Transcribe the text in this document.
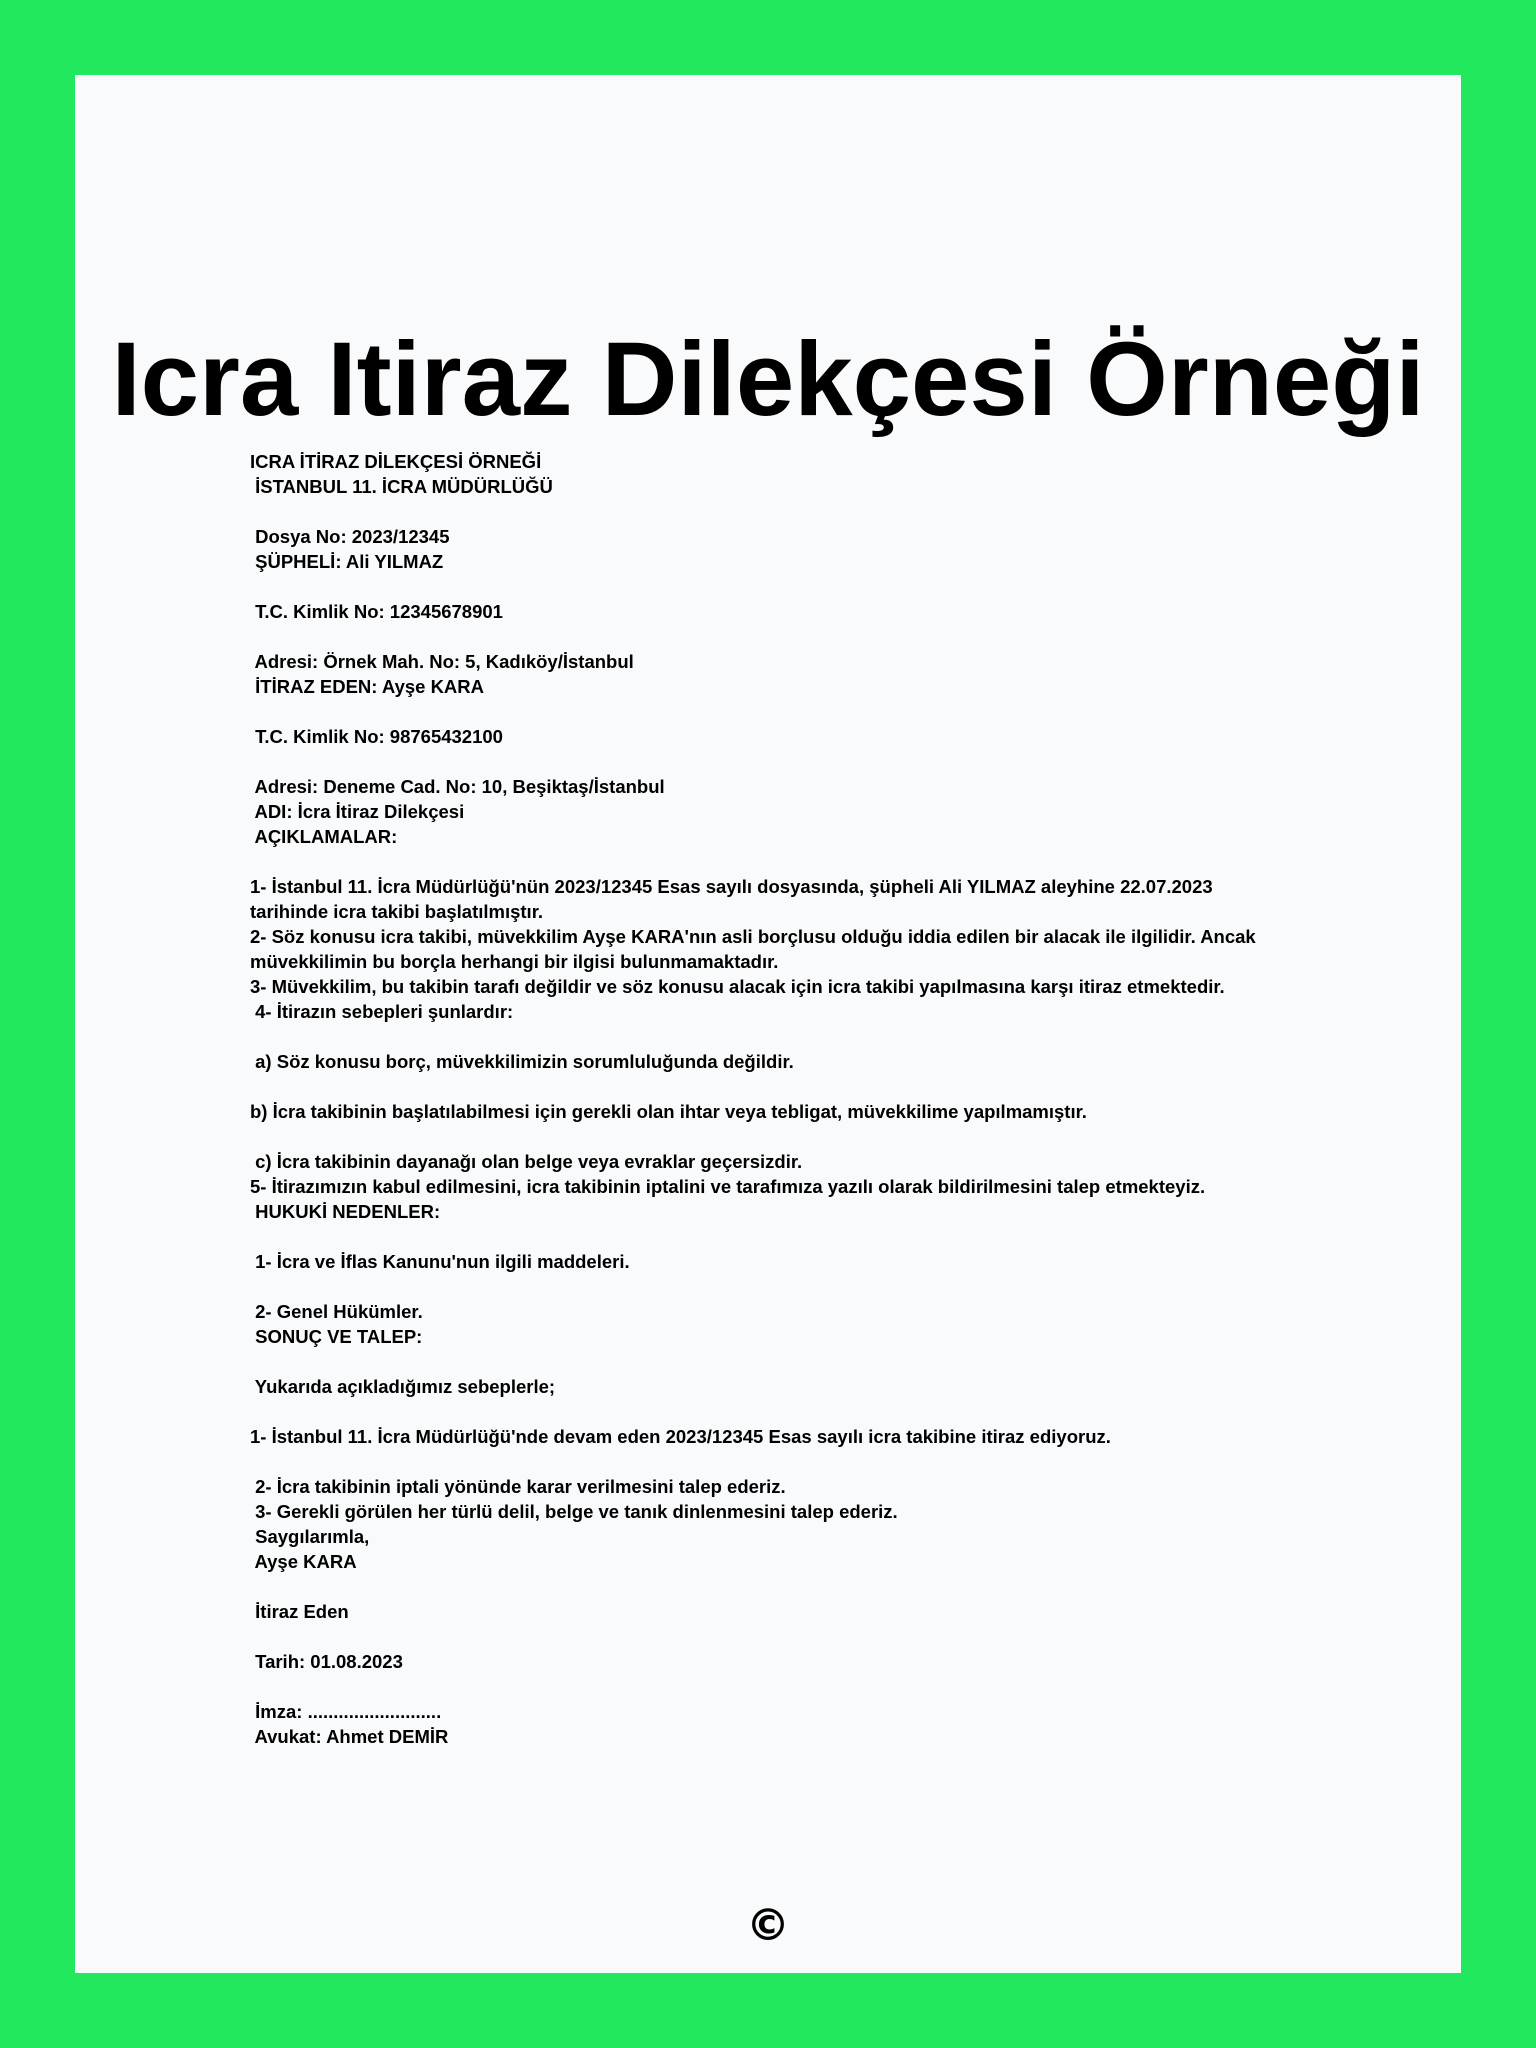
Icra Itiraz Dilekçesi Örneği

ICRA İTİRAZ DİLEKÇESİ ÖRNEĞİ

İSTANBUL 11. İCRA MÜDÜRLÜĞÜ

Dosya No: 2023/12345

ŞÜPHELİ: Ali YILMAZ

T.C. Kimlik No: 12345678901

Adresi: Örnek Mah. No: 5, Kadıköy/İstanbul

İTİRAZ EDEN: Ayşe KARA

T.C. Kimlik No: 98765432100

Adresi: Deneme Cad. No: 10, Beşiktaş/İstanbul

ADI: İcra İtiraz Dilekçesi

AÇIKLAMALAR:

1- İstanbul 11. İcra Müdürlüğü'nün 2023/12345 Esas sayılı dosyasında, şüpheli Ali YILMAZ aleyhine 22.07.2023 tarihinde icra takibi başlatılmıştır.

2- Söz konusu icra takibi, müvekkilim Ayşe KARA'nın asli borçlusu olduğu iddia edilen bir alacak ile ilgilidir. Ancak müvekkilimin bu borçla herhangi bir ilgisi bulunmamaktadır.

3- Müvekkilim, bu takibin tarafı değildir ve söz konusu alacak için icra takibi yapılmasına karşı itiraz etmektedir.

4- İtirazın sebepleri şunlardır:

a) Söz konusu borç, müvekkilimizin sorumluluğunda değildir.

b) İcra takibinin başlatılabilmesi için gerekli olan ihtar veya tebligat, müvekkilime yapılmamıştır.

c) İcra takibinin dayanağı olan belge veya evraklar geçersizdir.

5- İtirazımızın kabul edilmesini, icra takibinin iptalini ve tarafımıza yazılı olarak bildirilmesini talep etmekteyiz.

HUKUKİ NEDENLER:

1- İcra ve İflas Kanunu'nun ilgili maddeleri.

2- Genel Hükümler.

SONUÇ VE TALEP:

Yukarıda açıkladığımız sebeplerle;

1- İstanbul 11. İcra Müdürlüğü'nde devam eden 2023/12345 Esas sayılı icra takibine itiraz ediyoruz.

2- İcra takibinin iptali yönünde karar verilmesini talep ederiz.

3- Gerekli görülen her türlü delil, belge ve tanık dinlenmesini talep ederiz.

Saygılarımla,

Ayşe KARA

İtiraz Eden

Tarih: 01.08.2023

İmza: ..........................

Avukat: Ahmet DEMİR

©
